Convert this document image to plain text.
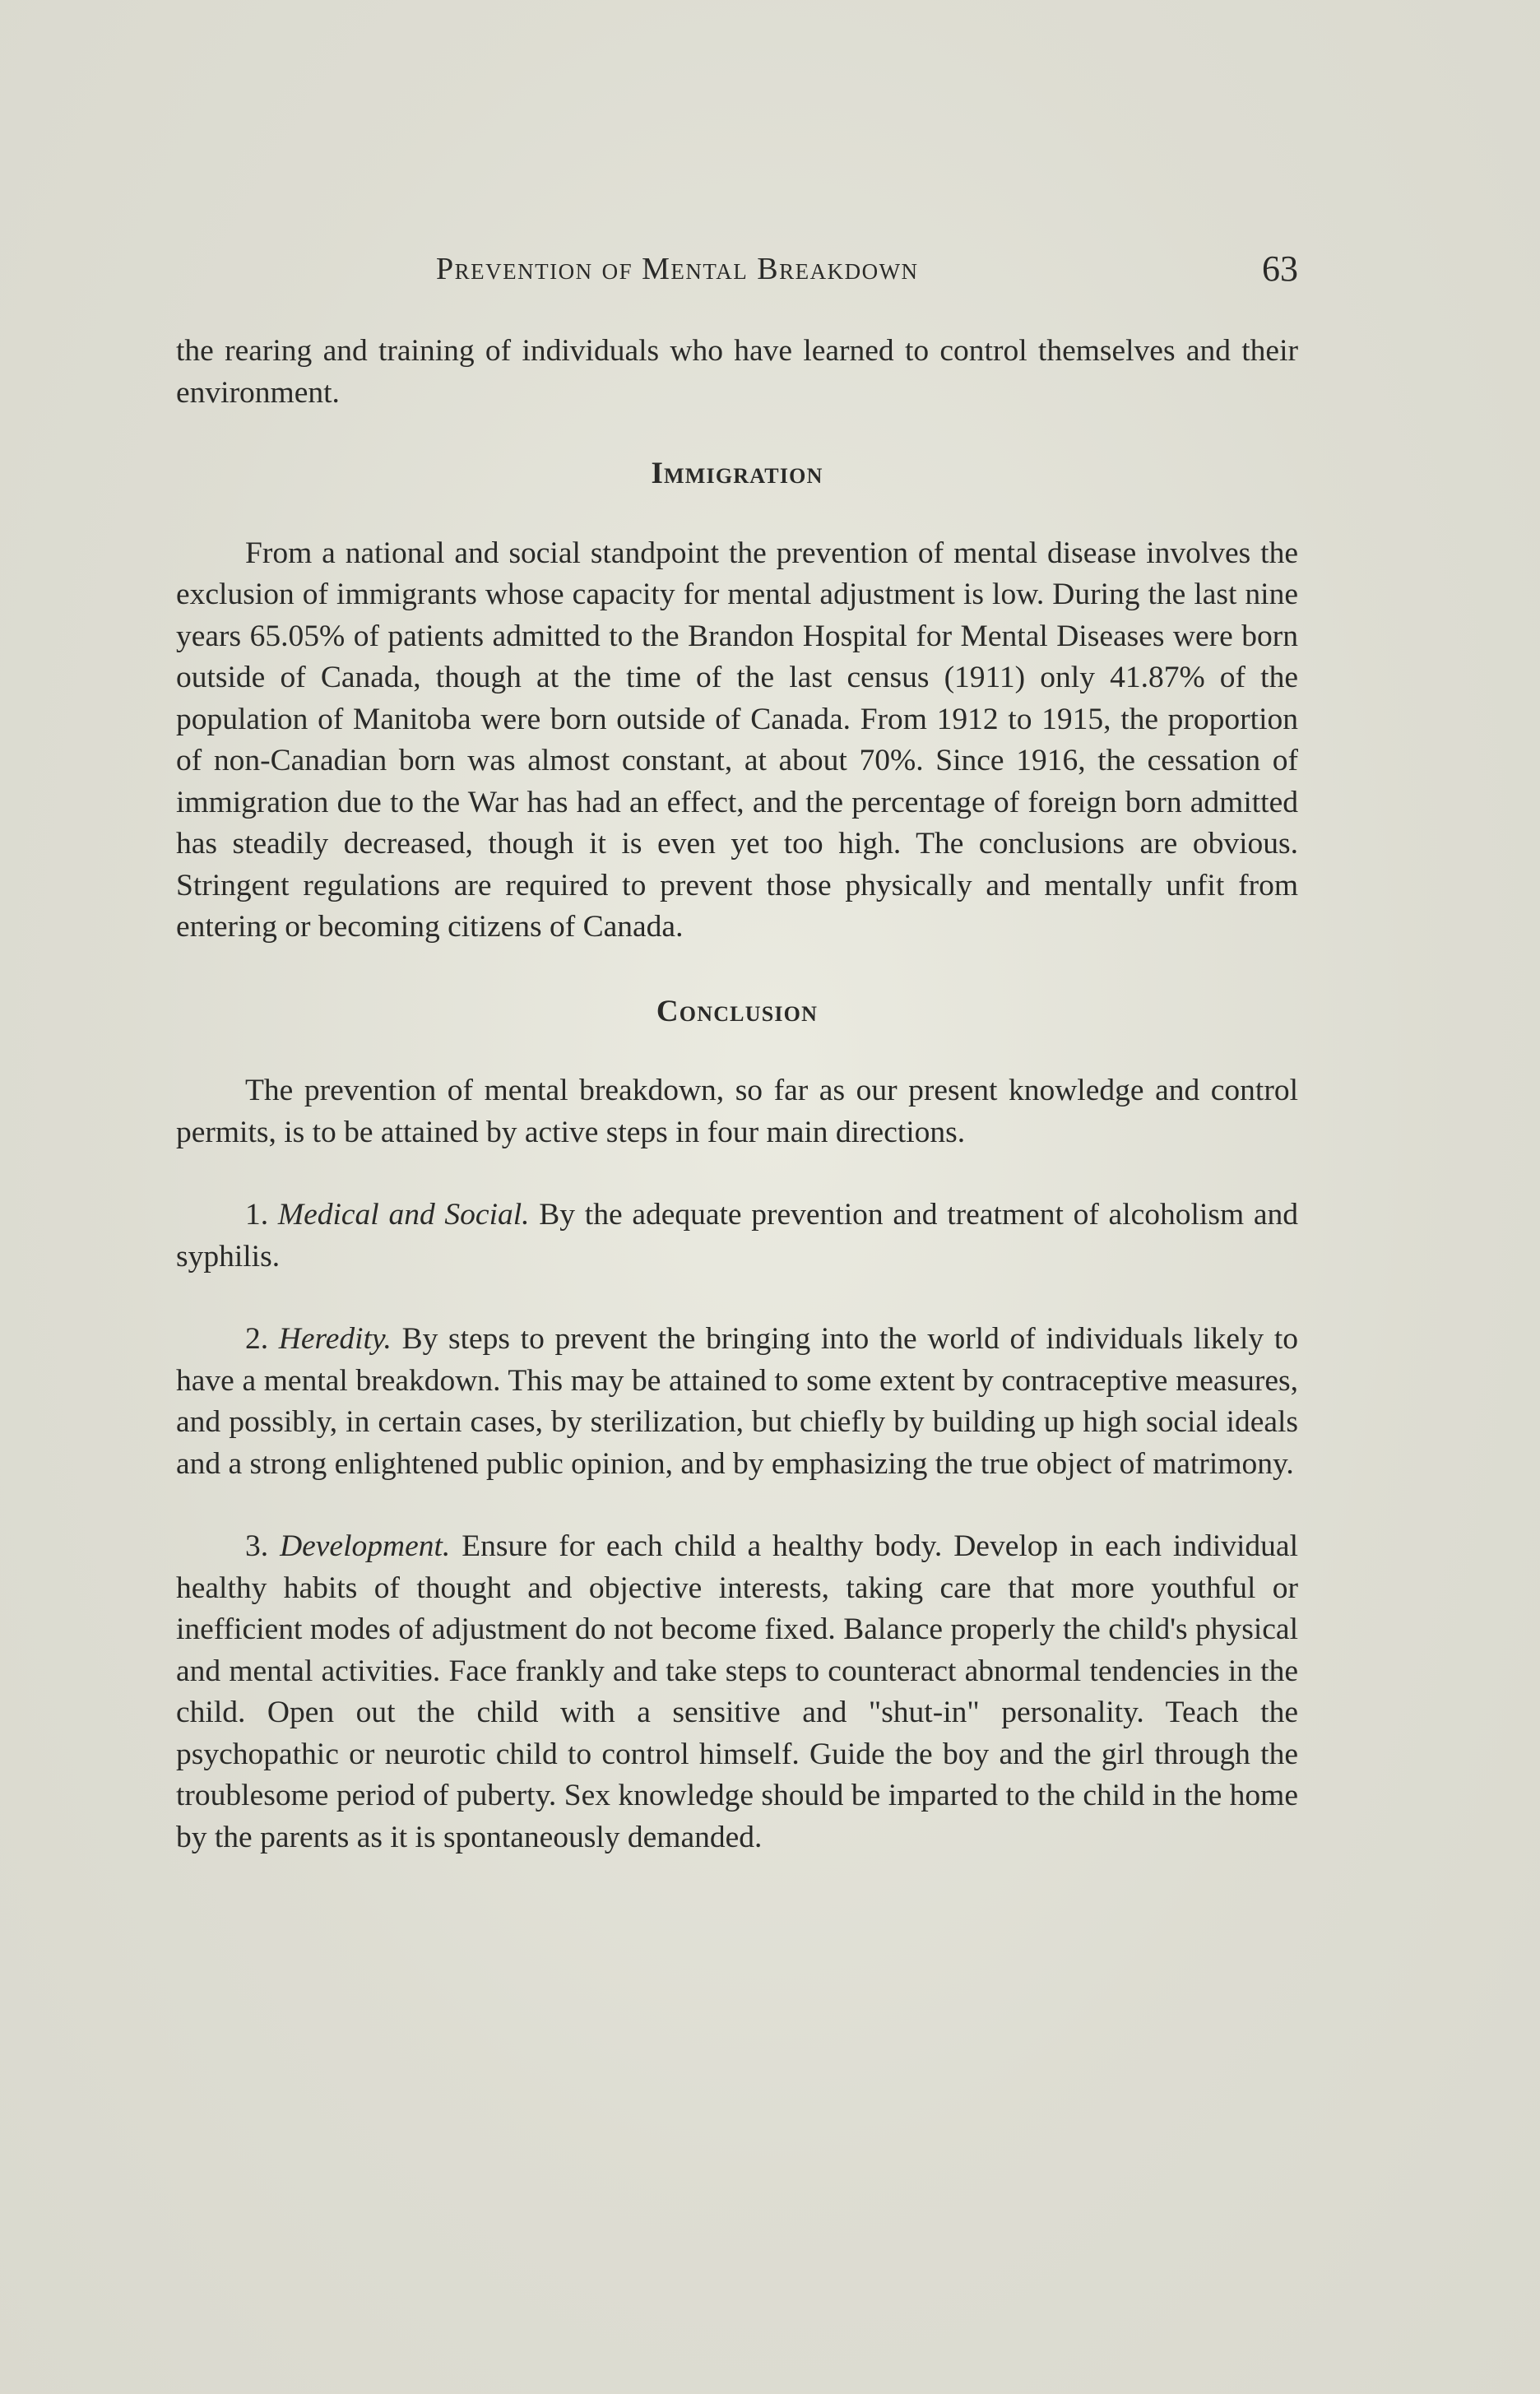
Prevention of Mental Breakdown	63

the rearing and training of individuals who have learned to control themselves and their environment.

Immigration

From a national and social standpoint the prevention of mental disease involves the exclusion of immigrants whose capacity for mental adjustment is low. During the last nine years 65.05% of patients admitted to the Brandon Hospital for Mental Diseases were born outside of Canada, though at the time of the last census (1911) only 41.87% of the population of Manitoba were born outside of Canada. From 1912 to 1915, the proportion of non-Canadian born was almost constant, at about 70%. Since 1916, the cessation of immigration due to the War has had an effect, and the percentage of foreign born admitted has steadily decreased, though it is even yet too high. The conclusions are obvious. Stringent regulations are required to prevent those physically and mentally unfit from entering or becoming citizens of Canada.

Conclusion

The prevention of mental breakdown, so far as our present knowledge and control permits, is to be attained by active steps in four main directions.

1. Medical and Social. By the adequate prevention and treatment of alcoholism and syphilis.

2. Heredity. By steps to prevent the bringing into the world of individuals likely to have a mental breakdown. This may be attained to some extent by contraceptive measures, and possibly, in certain cases, by sterilization, but chiefly by building up high social ideals and a strong enlightened public opinion, and by emphasizing the true object of matrimony.

3. Development. Ensure for each child a healthy body. Develop in each individual healthy habits of thought and objective interests, taking care that more youthful or inefficient modes of adjustment do not become fixed. Balance properly the child's physical and mental activities. Face frankly and take steps to counteract abnormal tendencies in the child. Open out the child with a sensitive and "shut-in" personality. Teach the psychopathic or neurotic child to control himself. Guide the boy and the girl through the troublesome period of puberty. Sex knowledge should be imparted to the child in the home by the parents as it is spontaneously demanded.
